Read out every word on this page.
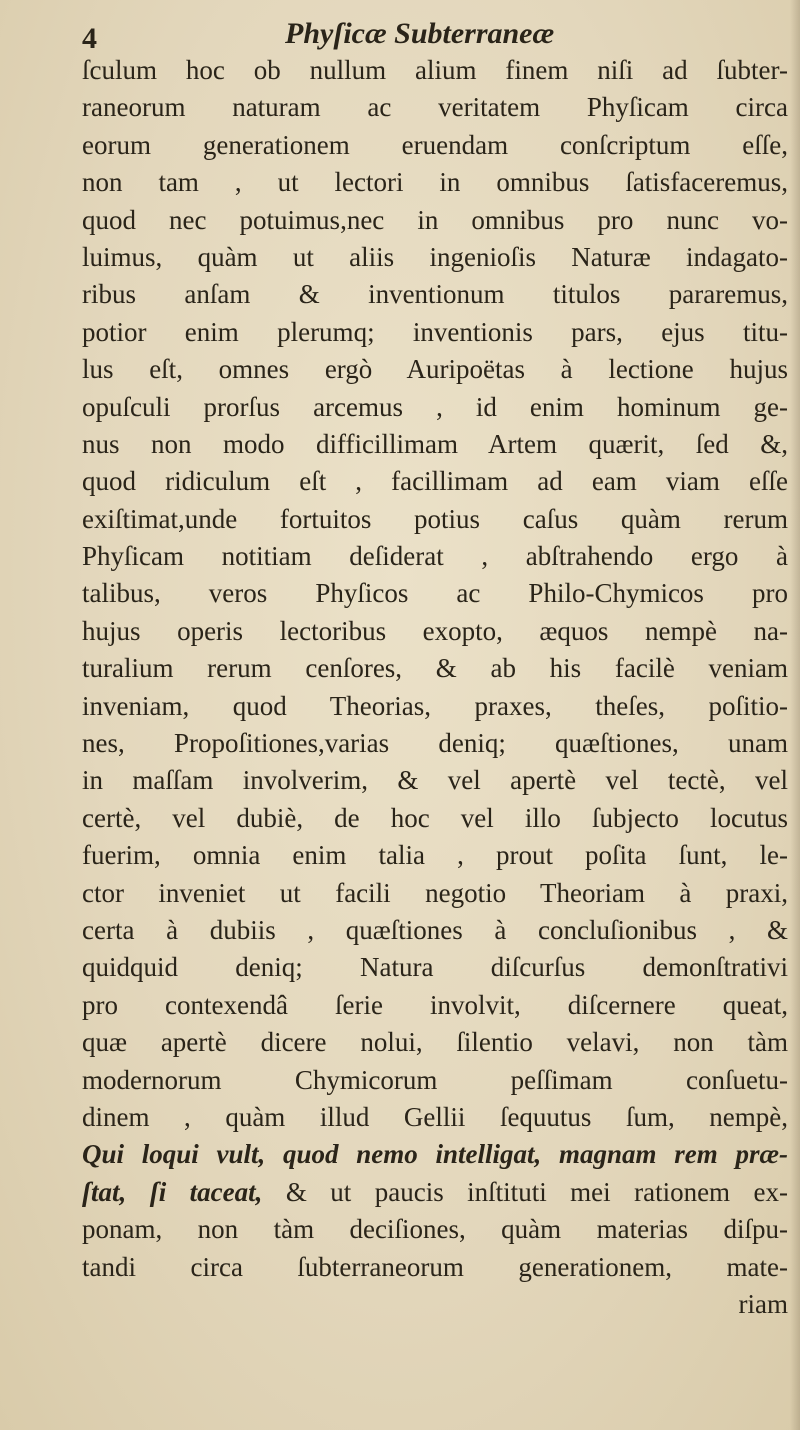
4	Phyſicæ Subterraneæ
ſculum hoc ob nullum alium finem niſi ad ſubter-
raneorum naturam ac veritatem Phyſicam circa
eorum generationem eruendam conſcriptum eſſe,
non tam , ut lectori in omnibus ſatisfaceremus,
quod nec potuimus,nec in omnibus pro nunc vo-
luimus, quàm ut aliis ingenioſis Naturæ indagato-
ribus anſam & inventionum titulos pararemus,
potior enim plerumq; inventionis pars, ejus titu-
lus eſt, omnes ergò Auripoëtas à lectione hujus
opuſculi prorſus arcemus , id enim hominum ge-
nus non modo difficillimam Artem quærit, ſed &,
quod ridiculum eſt , facillimam ad eam viam eſſe
exiſtimat,unde fortuitos potius caſus quàm rerum
Phyſicam notitiam deſiderat , abſtrahendo ergo à
talibus, veros Phyſicos ac Philo-Chymicos pro
hujus operis lectoribus exopto, æquos nempè na-
turalium rerum cenſores, & ab his facilè veniam
inveniam, quod Theorias, praxes, theſes, poſitio-
nes, Propoſitiones,varias deniq; quæſtiones, unam
in maſſam involverim, & vel apertè vel tectè, vel
certè, vel dubiè, de hoc vel illo ſubjecto locutus
fuerim, omnia enim talia , prout poſita ſunt, le-
ctor inveniet ut facili negotio Theoriam à praxi,
certa à dubiis , quæſtiones à concluſionibus , &
quidquid deniq; Natura diſcurſus demonſtrativi
pro contexendâ ſerie involvit, diſcernere queat,
quæ apertè dicere nolui, ſilentio velavi, non tàm
modernorum Chymicorum peſſimam conſuetu-
dinem , quàm illud Gellii ſequutus ſum, nempè,
Qui loqui vult, quod nemo intelligat, magnam rem præ-
ſtat, ſi taceat, & ut paucis inſtituti mei rationem ex-
ponam, non tàm deciſiones, quàm materias diſpu-
tandi circa ſubterraneorum generationem, mate-
riam
